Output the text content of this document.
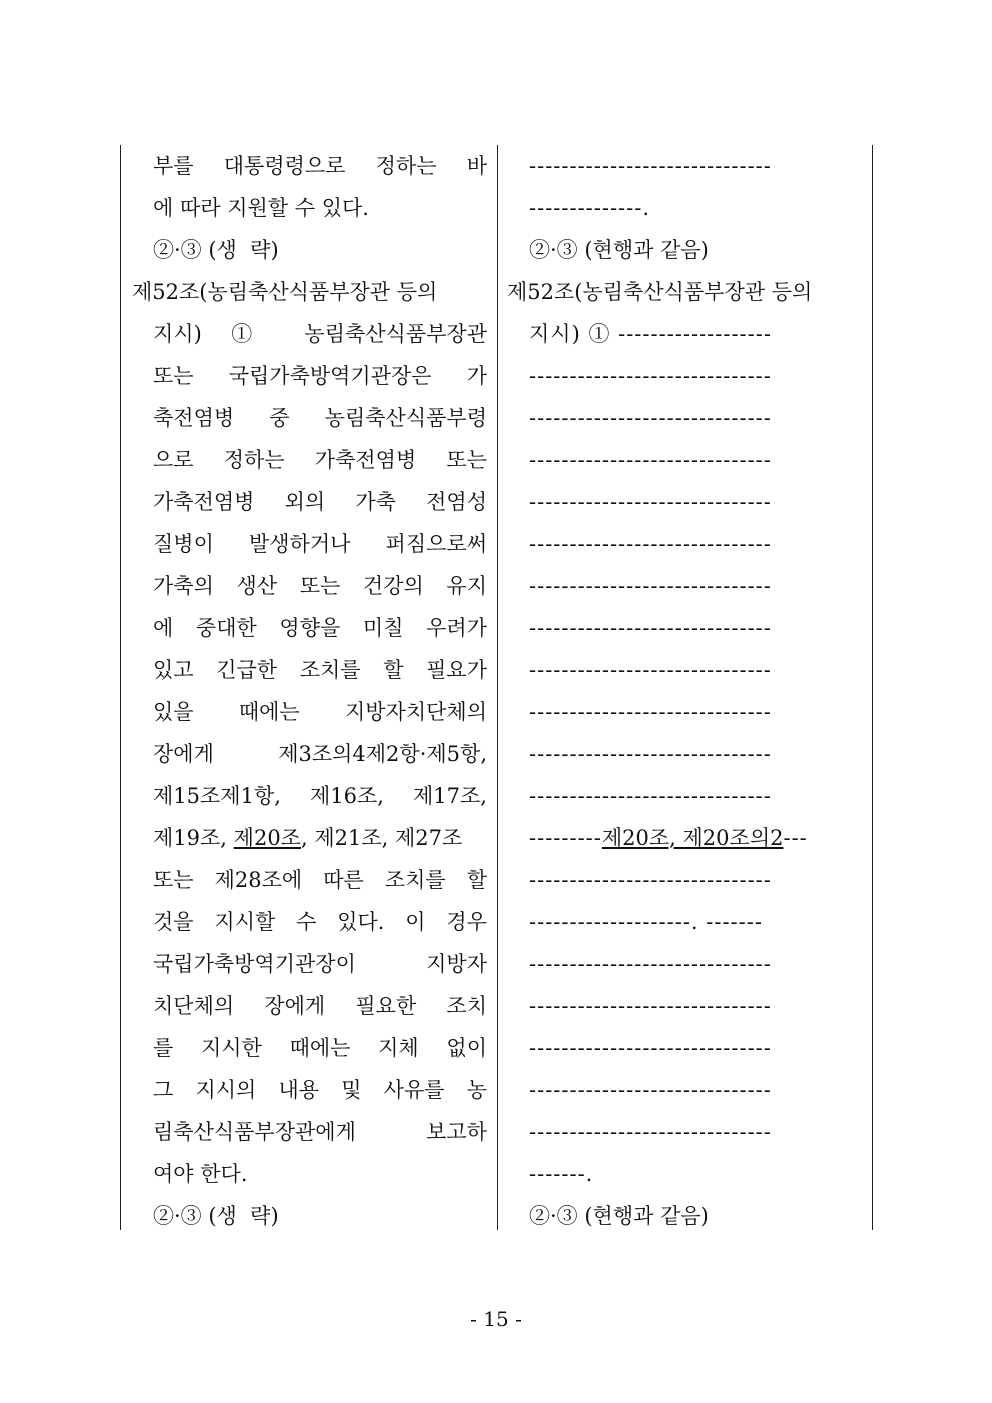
부를 대통령령으로 정하는 바
에 따라 지원할 수 있다.
②·③ (생  략)
제52조(농림축산식품부장관 등의
지시) ① 농림축산식품부장관
또는 국립가축방역기관장은 가
축전염병 중 농림축산식품부령
으로 정하는 가축전염병 또는
가축전염병 외의 가축 전염성
질병이 발생하거나 퍼짐으로써
가축의 생산 또는 건강의 유지
에 중대한 영향을 미칠 우려가
있고 긴급한 조치를 할 필요가
있을 때에는 지방자치단체의
장에게   제3조의4제2항·제5항,
제15조제1항, 제16조, 제17조,
제19조, 제20조, 제21조, 제27조
또는 제28조에 따른 조치를 할
것을 지시할 수 있다. 이 경우
국립가축방역기관장이 지방자
치단체의 장에게 필요한 조치
를 지시한 때에는 지체 없이
그 지시의 내용 및 사유를 농
림축산식품부장관에게 보고하
여야 한다.
②·③ (생  략)
------------------------------
--------------.
②·③ (현행과 같음)
제52조(농림축산식품부장관 등의
지시) ① -------------------
------------------------------
------------------------------
------------------------------
------------------------------
------------------------------
------------------------------
------------------------------
------------------------------
------------------------------
------------------------------
------------------------------
---------제20조, 제20조의2---
------------------------------
--------------------. -------
------------------------------
------------------------------
------------------------------
------------------------------
------------------------------
-------.
②·③ (현행과 같음)
- 15 -
